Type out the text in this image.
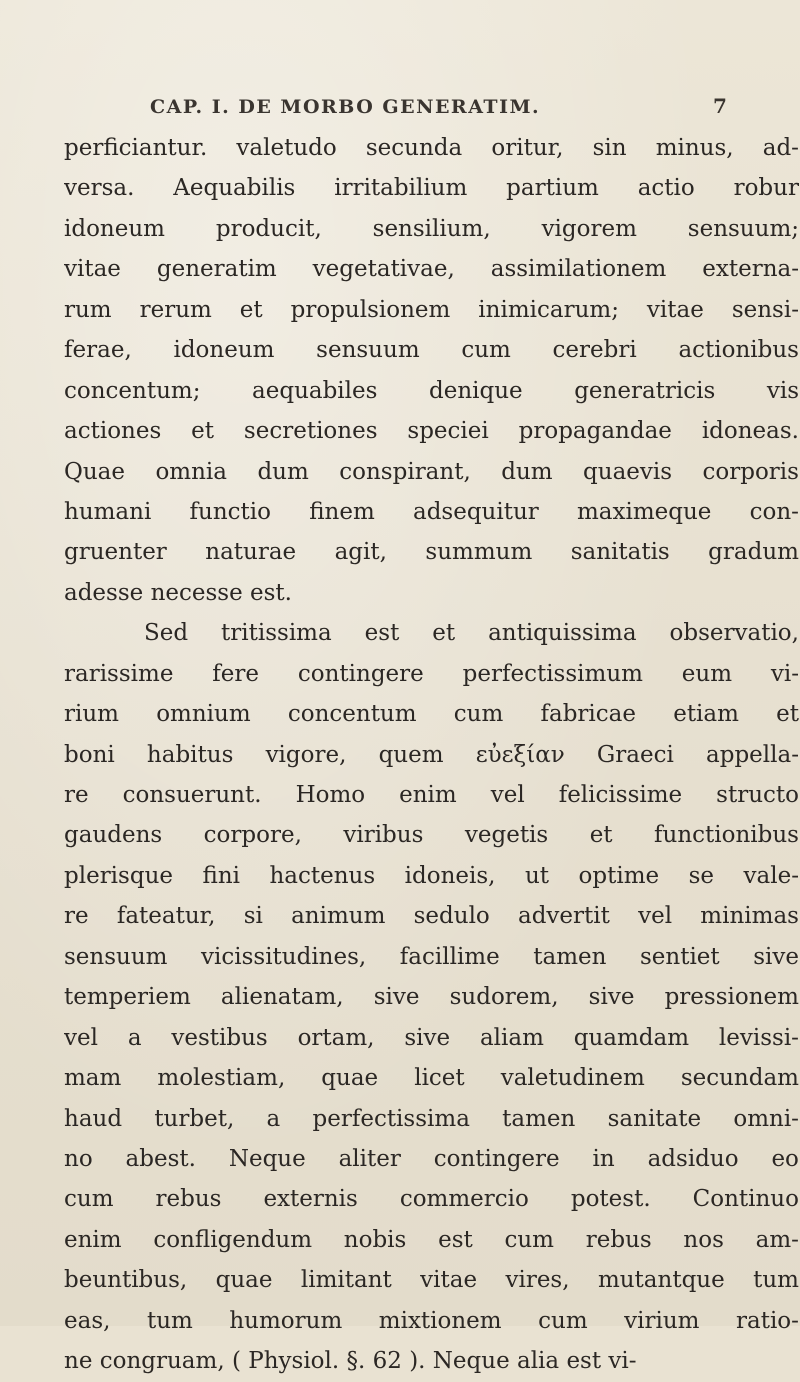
CAP. I. DE MORBO GENERATIM.	7
perficiantur. valetudo secunda oritur, sin minus, ad-
versa. Aequabilis irritabilium partium actio robur
idoneum producit, sensilium, vigorem sensuum;
vitae generatim vegetativae, assimilationem externa-
rum rerum et propulsionem inimicarum; vitae sensi-
ferae, idoneum sensuum cum cerebri actionibus
concentum; aequabiles denique generatricis vis
actiones et secretiones speciei propagandae idoneas.
Quae omnia dum conspirant, dum quaevis corporis
humani functio finem adsequitur maximeque con-
gruenter naturae agit, summum sanitatis gradum
adesse necesse est.
Sed tritissima est et antiquissima observatio,
rarissime fere contingere perfectissimum eum vi-
rium omnium concentum cum fabricae etiam et
boni habitus vigore, quem εὐεξίαν Graeci appella-
re consuerunt. Homo enim vel felicissime structo
gaudens corpore, viribus vegetis et functionibus
plerisque fini hactenus idoneis, ut optime se vale-
re fateatur, si animum sedulo advertit vel minimas
sensuum vicissitudines, facillime tamen sentiet sive
temperiem alienatam, sive sudorem, sive pressionem
vel a vestibus ortam, sive aliam quamdam levissi-
mam molestiam, quae licet valetudinem secundam
haud turbet, a perfectissima tamen sanitate omni-
no abest. Neque aliter contingere in adsiduo eo
cum rebus externis commercio potest. Continuo
enim confligendum nobis est cum rebus nos am-
beuntibus, quae limitant vitae vires, mutantque tum
eas, tum humorum mixtionem cum virium ratio-
ne congruam, ( Physiol. §. 62 ). Neque alia est vi-
